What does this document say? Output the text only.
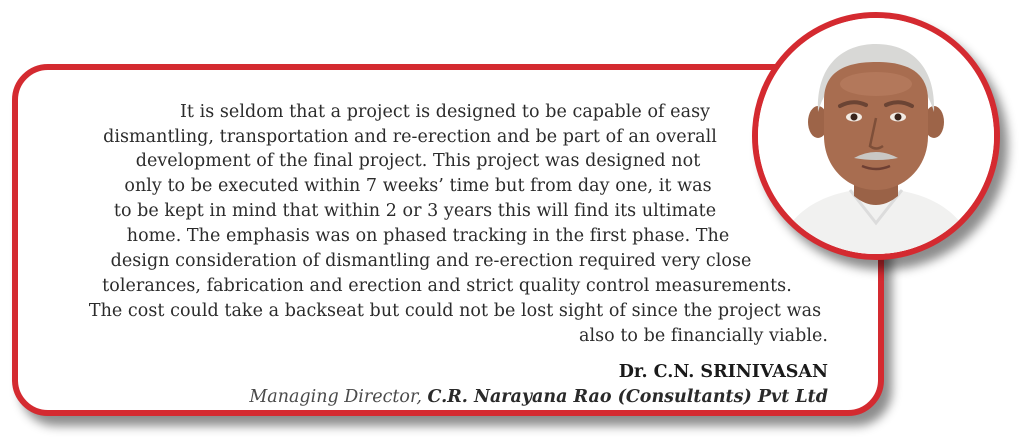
It is seldom that a project is designed to be capable of easy
dismantling, transportation and re-erection and be part of an overall
development of the final project. This project was designed not
only to be executed within 7 weeks’ time but from day one, it was
to be kept in mind that within 2 or 3 years this will find its ultimate
home. The emphasis was on phased tracking in the first phase. The
design consideration of dismantling and re-erection required very close
tolerances, fabrication and erection and strict quality control measurements.
The cost could take a backseat but could not be lost sight of since the project was
also to be financially viable.
Dr. C.N. SRINIVASAN
Managing Director, C.R. Narayana Rao (Consultants) Pvt Ltd
